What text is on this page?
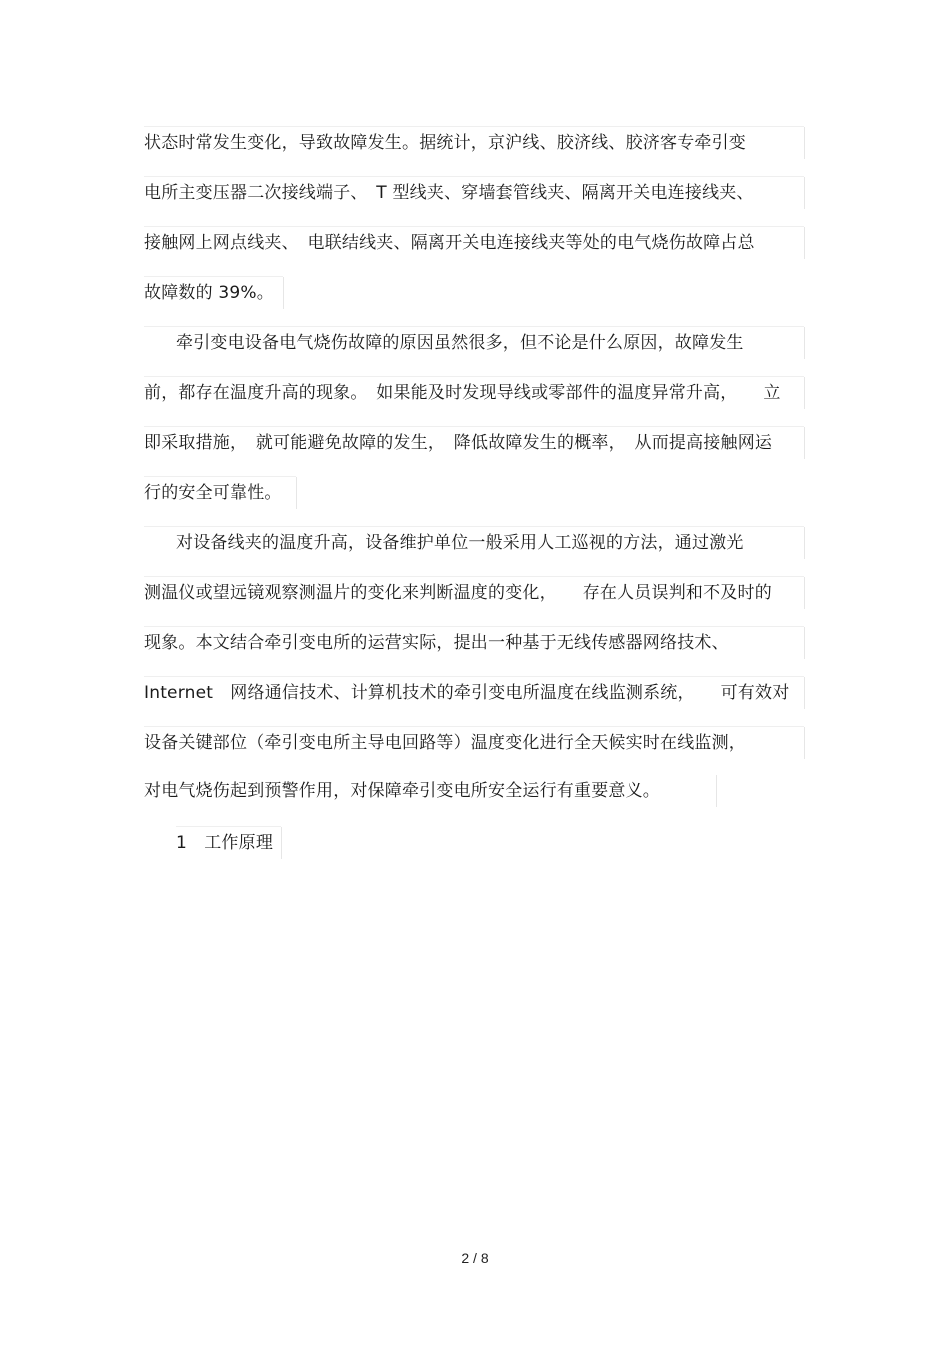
状态时常发生变化，导致故障发生。据统计，京沪线、胶济线、胶济客专牵引变
电所主变压器二次接线端子、　T 型线夹、穿墙套管线夹、隔离开关电连接线夹、
接触网上网点线夹、　电联结线夹、隔离开关电连接线夹等处的电气烧伤故障占总
故障数的 39%。
牵引变电设备电气烧伤故障的原因虽然很多，但不论是什么原因，故障发生
前，都存在温度升高的现象。　如果能及时发现导线或零部件的温度异常升高，　　立
即采取措施，　就可能避免故障的发生，　降低故障发生的概率，　从而提高接触网运
行的安全可靠性。
对设备线夹的温度升高，设备维护单位一般采用人工巡视的方法，通过激光
测温仪或望远镜观察测温片的变化来判断温度的变化，　　存在人员误判和不及时的
现象。本文结合牵引变电所的运营实际，提出一种基于无线传感器网络技术、
Internet　网络通信技术、计算机技术的牵引变电所温度在线监测系统，　　可有效对
设备关键部位（牵引变电所主导电回路等）温度变化进行全天候实时在线监测，
对电气烧伤起到预警作用，对保障牵引变电所安全运行有重要意义。
1　工作原理
2 / 8
